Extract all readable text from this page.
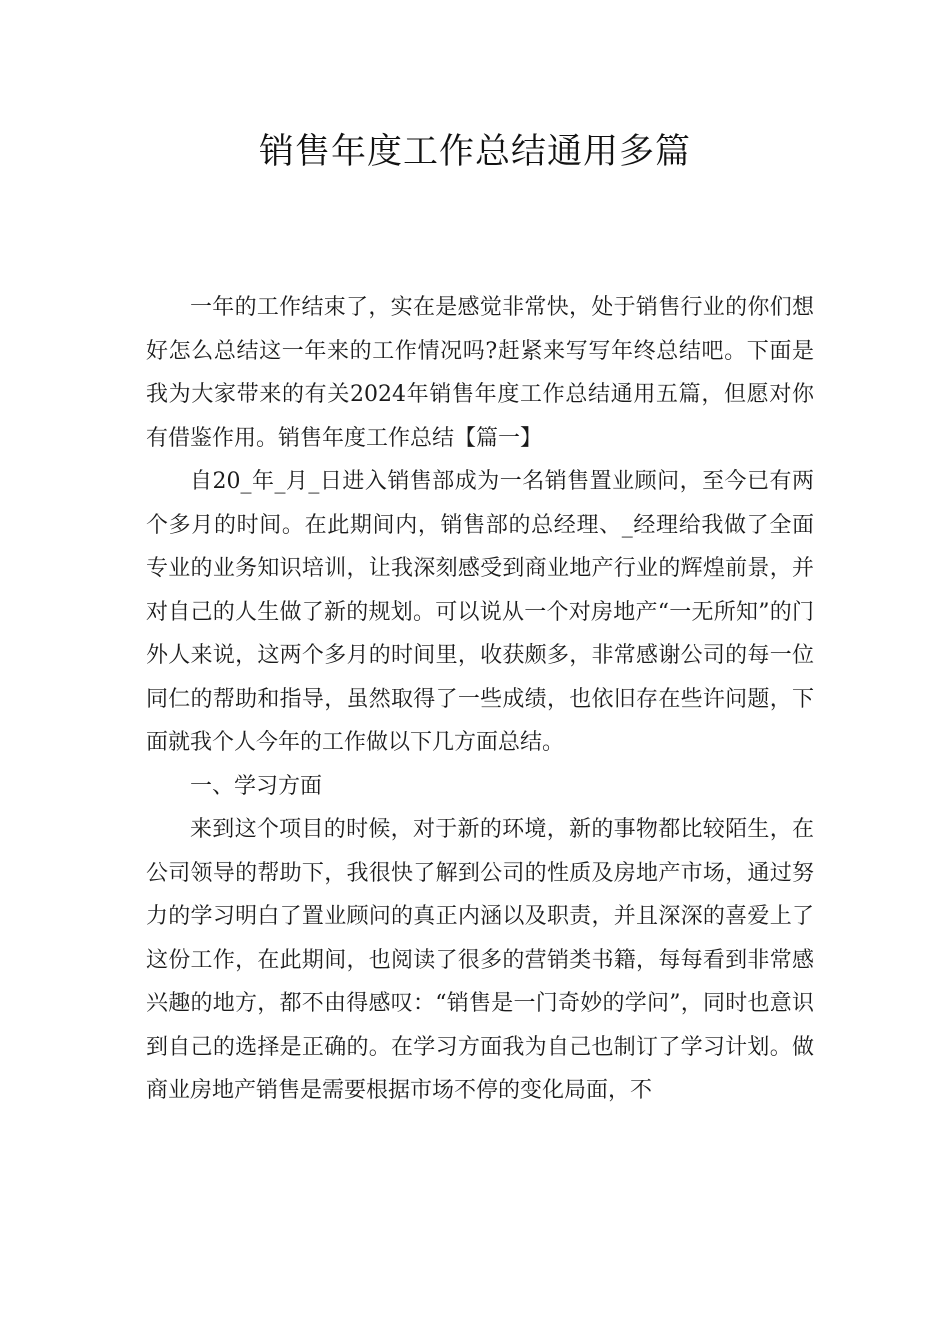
销售年度工作总结通用多篇

一年的工作结束了，实在是感觉非常快，处于销售行业的你们想好怎么总结这一年来的工作情况吗?赶紧来写写年终总结吧。下面是我为大家带来的有关2024年销售年度工作总结通用五篇，但愿对你有借鉴作用。销售年度工作总结【篇一】

自20_年_月_日进入销售部成为一名销售置业顾问，至今已有两个多月的时间。在此期间内，销售部的总经理、_经理给我做了全面专业的业务知识培训，让我深刻感受到商业地产行业的辉煌前景，并对自己的人生做了新的规划。可以说从一个对房地产“一无所知”的门外人来说，这两个多月的时间里，收获颇多，非常感谢公司的每一位同仁的帮助和指导，虽然取得了一些成绩，也依旧存在些许问题，下面就我个人今年的工作做以下几方面总结。

一、学习方面

来到这个项目的时候，对于新的环境，新的事物都比较陌生，在公司领导的帮助下，我很快了解到公司的性质及房地产市场，通过努力的学习明白了置业顾问的真正内涵以及职责，并且深深的喜爱上了这份工作，在此期间，也阅读了很多的营销类书籍，每每看到非常感兴趣的地方，都不由得感叹：“销售是一门奇妙的学问”，同时也意识到自己的选择是正确的。在学习方面我为自己也制订了学习计划。做商业房地产销售是需要根据市场不停的变化局面，不
